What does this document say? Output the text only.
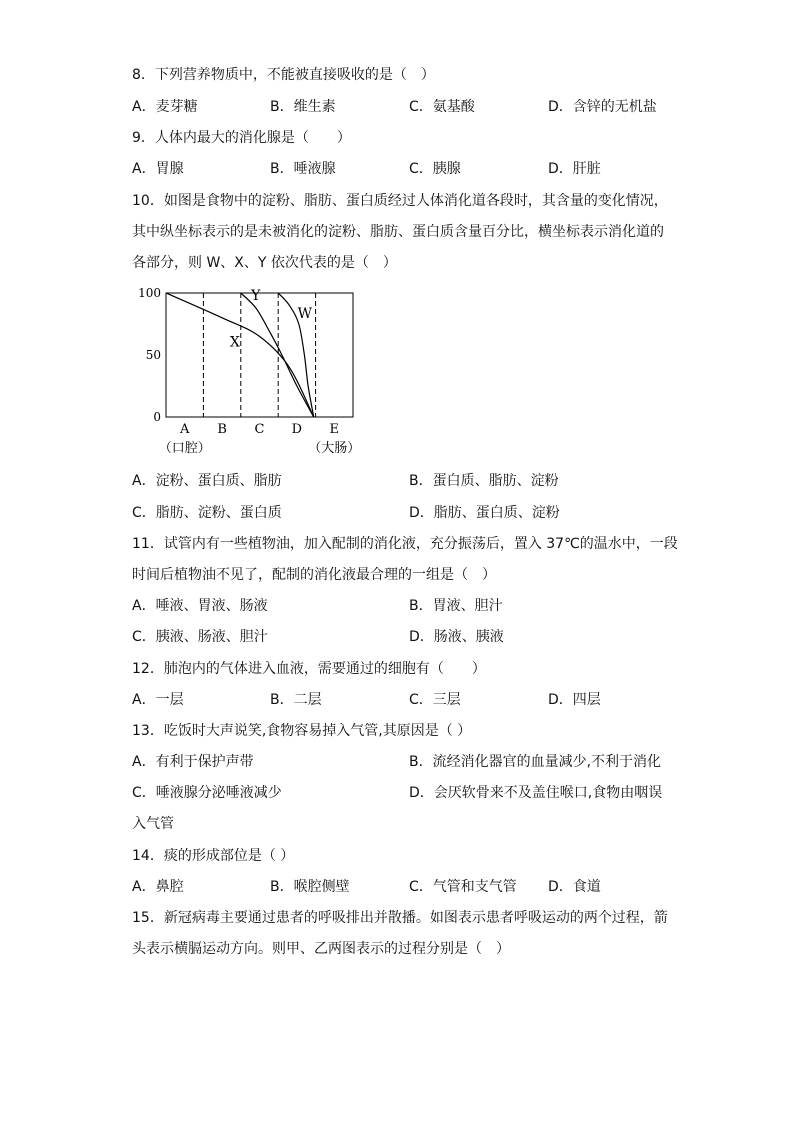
8．下列营养物质中，不能被直接吸收的是（　）
A．麦芽糖	B．维生素	C．氨基酸	D．含锌的无机盐
9．人体内最大的消化腺是（　　）
A．胃腺	B．唾液腺	C．胰腺	D．肝脏
10．如图是食物中的淀粉、脂肪、蛋白质经过人体消化道各段时，其含量的变化情况，
其中纵坐标表示的是未被消化的淀粉、脂肪、蛋白质含量百分比，横坐标表示消化道的
各部分，则 W、X、Y 依次代表的是（　）
100
50
0
A
（口腔）
B C D E
（大肠）
X
Y
W
A．淀粉、蛋白质、脂肪	B．蛋白质、脂肪、淀粉
C．脂肪、淀粉、蛋白质	D．脂肪、蛋白质、淀粉
11．试管内有一些植物油，加入配制的消化液，充分振荡后，置入 37℃的温水中，一段
时间后植物油不见了，配制的消化液最合理的一组是（　）
A．唾液、胃液、肠液	B．胃液、胆汁
C．胰液、肠液、胆汁	D．肠液、胰液
12．肺泡内的气体进入血液，需要通过的细胞有（　　）
A．一层	B．二层	C．三层	D．四层
13．吃饭时大声说笑,食物容易掉入气管,其原因是（ ）
A．有利于保护声带	B．流经消化器官的血量减少,不利于消化
C．唾液腺分泌唾液减少	D．会厌软骨来不及盖住喉口,食物由咽误
入气管
14．痰的形成部位是（ ）
A．鼻腔	B．喉腔侧壁	C．气管和支气管 D．食道
15．新冠病毒主要通过患者的呼吸排出并散播。如图表示患者呼吸运动的两个过程，箭
头表示横膈运动方向。则甲、乙两图表示的过程分别是（　）
